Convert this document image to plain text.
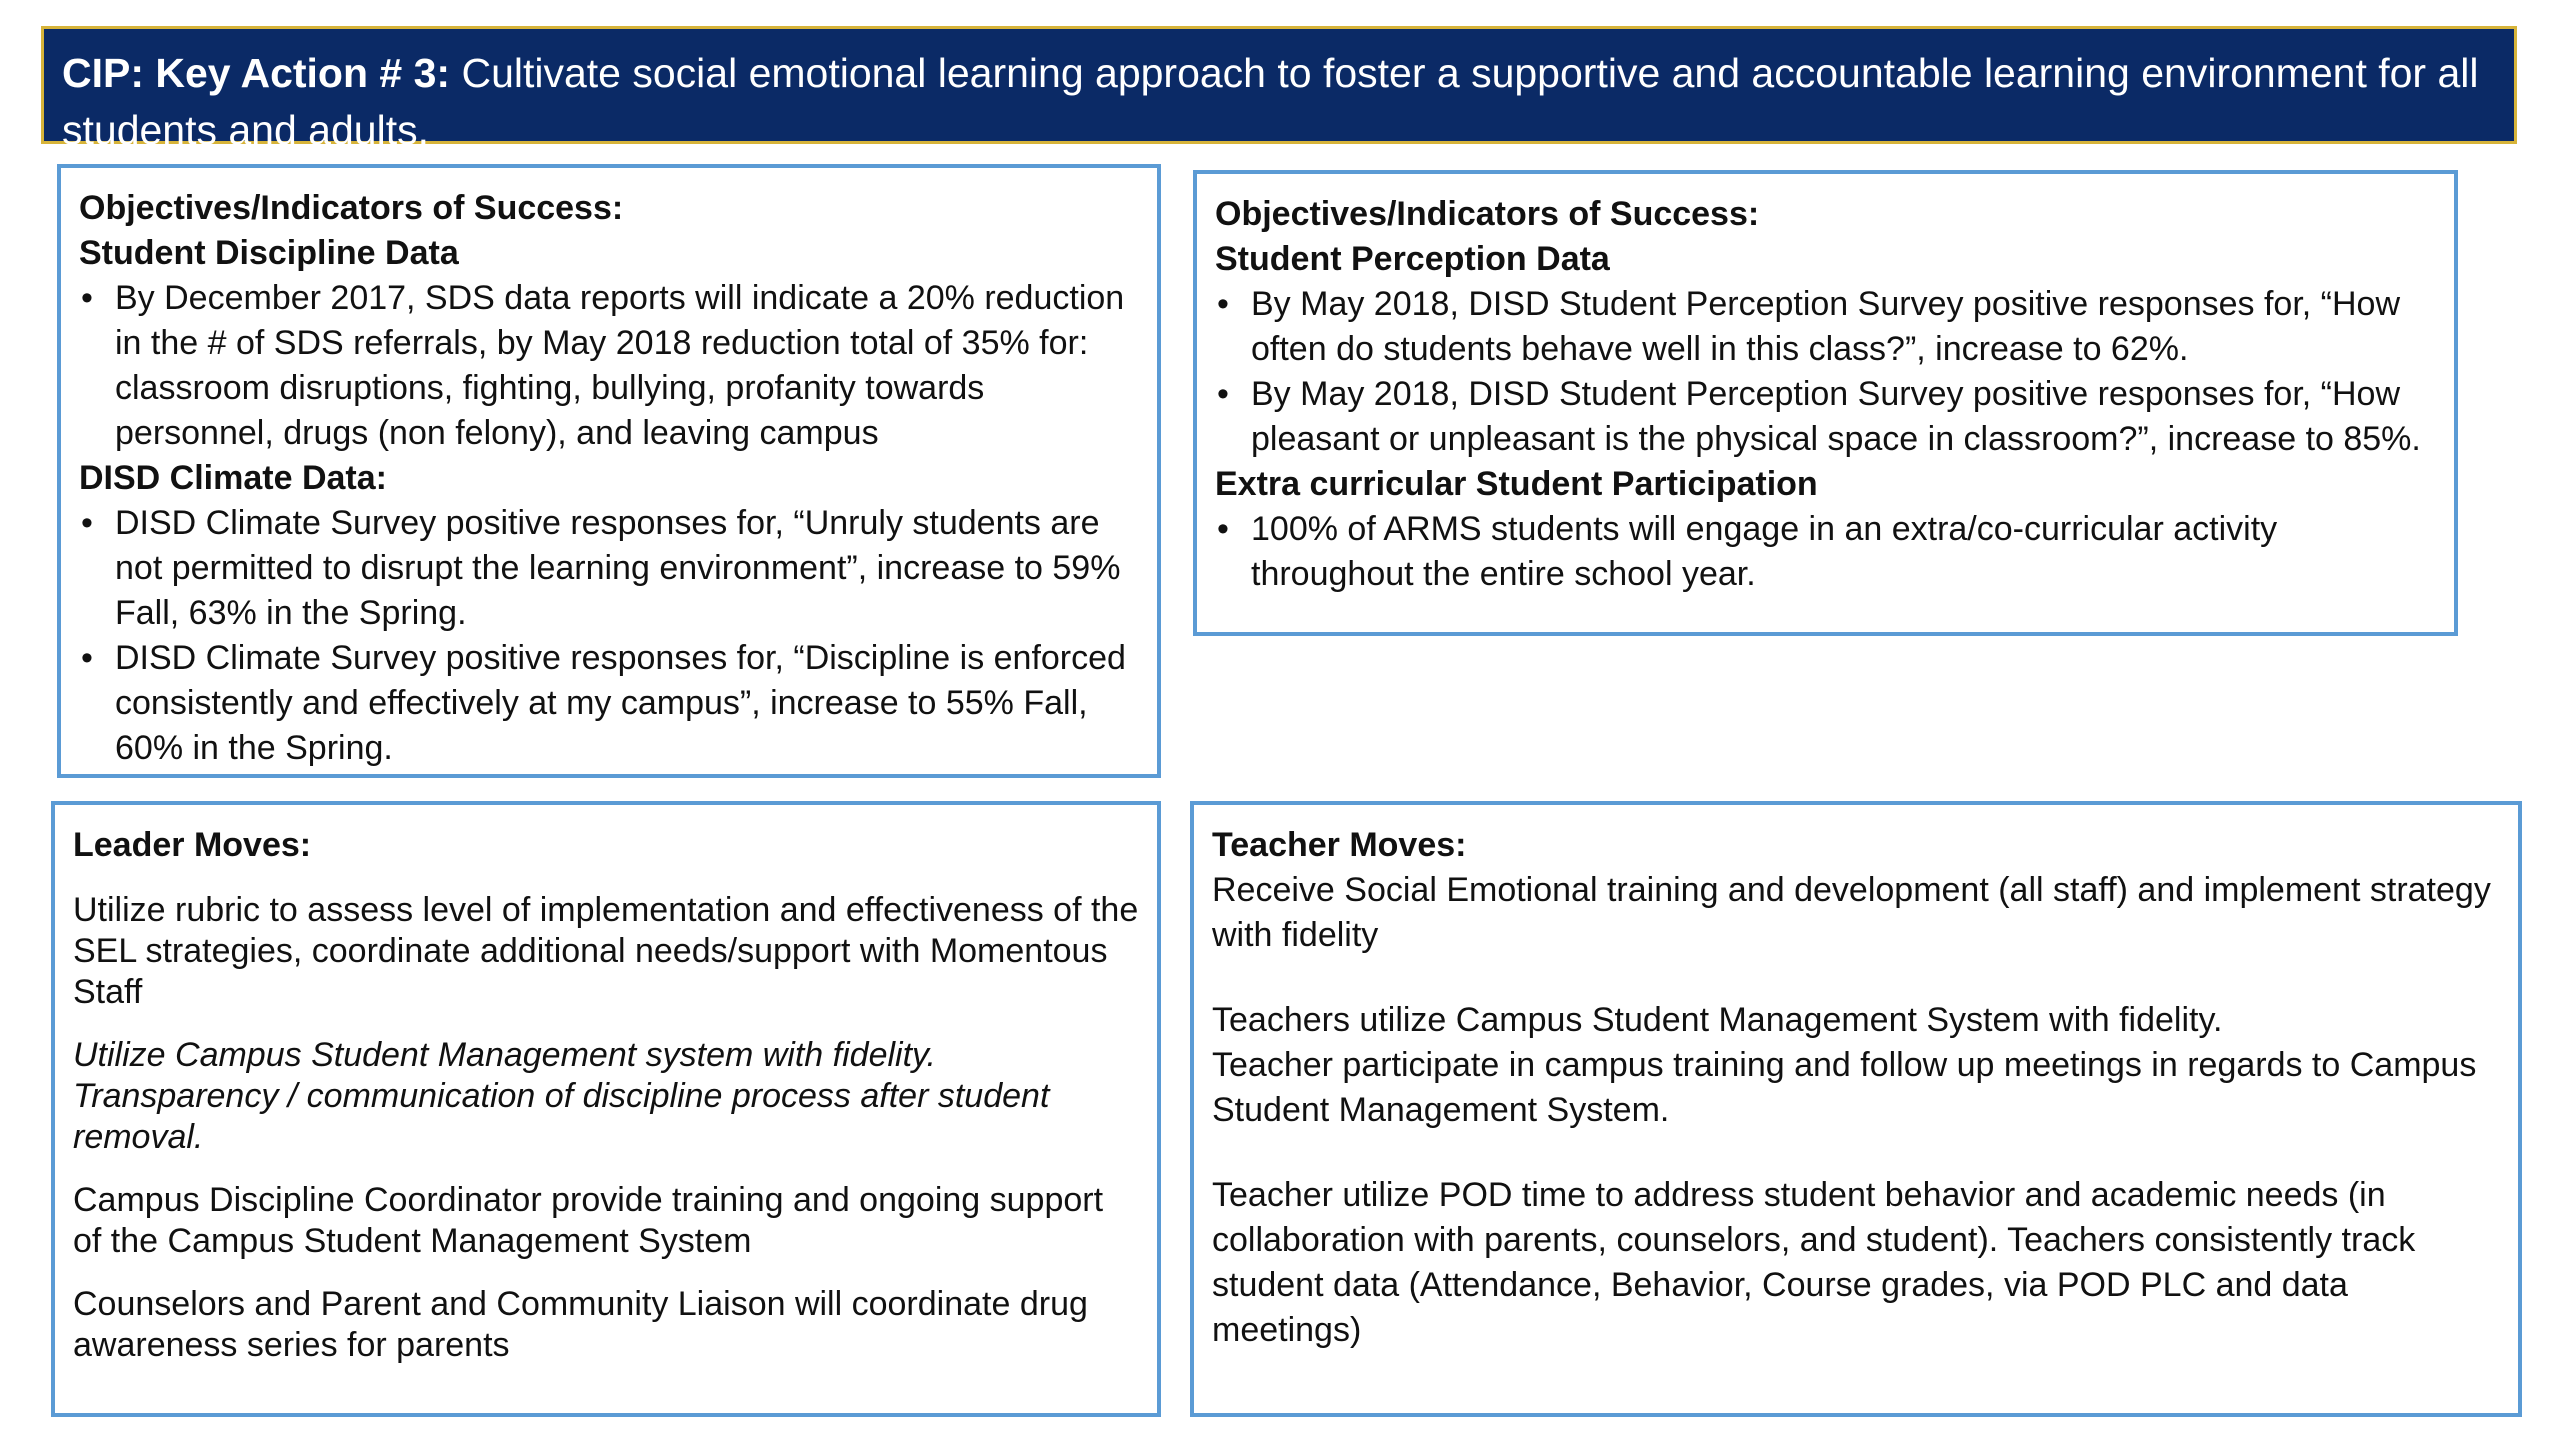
CIP: Key Action # 3: Cultivate social emotional learning approach to foster a supportive and accountable learning environment for all students and adults.
Objectives/Indicators of Success:
Student Discipline Data
• By December 2017, SDS data reports will indicate a 20% reduction in the # of SDS referrals, by May 2018 reduction total of 35% for: classroom disruptions, fighting, bullying, profanity towards personnel, drugs (non felony), and leaving campus
DISD Climate Data:
• DISD Climate Survey positive responses for, “Unruly students are not permitted to disrupt the learning environment”, increase to 59% Fall, 63% in the Spring.
• DISD Climate Survey positive responses for, “Discipline is enforced consistently and effectively at my campus”, increase to 55% Fall, 60% in the Spring.
Objectives/Indicators of Success:
Student Perception Data
• By May 2018, DISD Student Perception Survey positive responses for, “How often do students behave well in this class?”, increase to 62%.
• By May 2018, DISD Student Perception Survey positive responses for, “How pleasant or unpleasant is the physical space in classroom?”, increase to 85%.
Extra curricular Student Participation
• 100% of ARMS students will engage in an extra/co-curricular activity throughout the entire school year.
Leader Moves:

Utilize rubric to assess level of implementation and effectiveness of the SEL strategies, coordinate additional needs/support with Momentous Staff

Utilize Campus Student Management system with fidelity. Transparency / communication of discipline process after student removal.

Campus Discipline Coordinator provide training and ongoing support of the Campus Student Management System

Counselors and Parent and Community Liaison will coordinate drug awareness series for parents

Teacher Moves:

Receive Social Emotional training and development (all staff) and implement strategy with fidelity

Teachers utilize Campus Student Management System with fidelity.

Teacher participate in campus training and follow up meetings in regards to Campus Student Management System.

Teacher utilize POD time to address student behavior and academic needs (in collaboration with parents, counselors, and student). Teachers consistently track student data (Attendance, Behavior, Course grades, via POD PLC and data meetings)
